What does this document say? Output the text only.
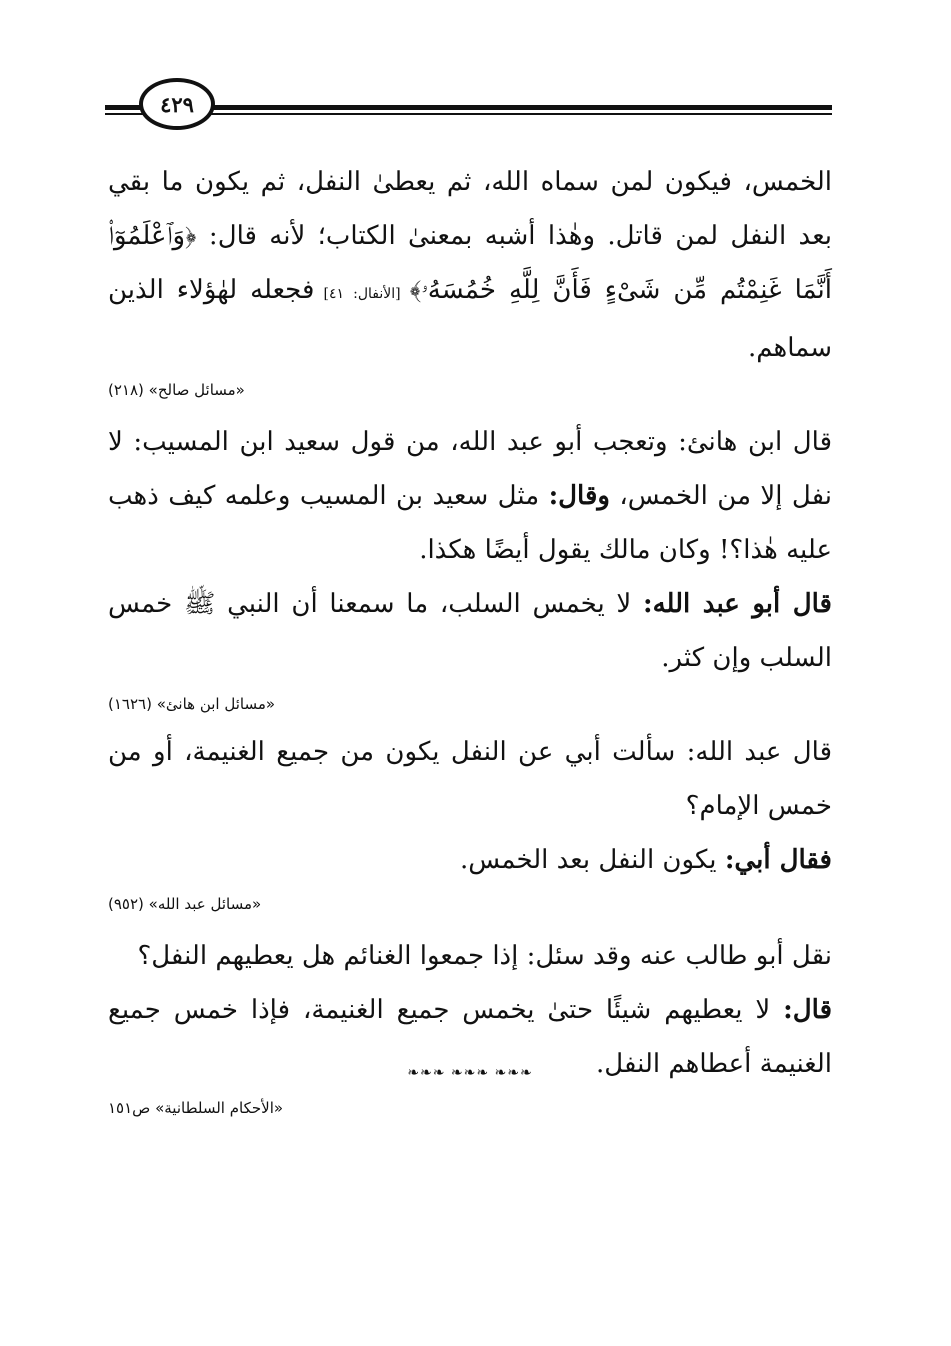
٤٢٩

الخمس، فيكون لمن سماه الله، ثم يعطىٰ النفل، ثم يكون ما بقي بعد النفل لمن قاتل. وهٰذا أشبه بمعنىٰ الكتاب؛ لأنه قال: ﴿وَٱعْلَمُوٓا۟ أَنَّمَا غَنِمْتُم مِّن شَىْءٍ فَأَنَّ لِلَّهِ خُمُسَهُۥ﴾ [الأنفال: ٤١] فجعله لهٰؤلاء الذين سماهم.

«مسائل صالح» (٢١٨)

قال ابن هانئ: وتعجب أبو عبد الله، من قول سعيد ابن المسيب: لا نفل إلا من الخمس، وقال: مثل سعيد بن المسيب وعلمه كيف ذهب عليه هٰذا؟! وكان مالك يقول أيضًا هكذا.

قال أبو عبد الله: لا يخمس السلب، ما سمعنا أن النبي ﷺ خمس السلب وإن كثر.

«مسائل ابن هانئ» (١٦٢٦)

قال عبد الله: سألت أبي عن النفل يكون من جميع الغنيمة، أو من خمس الإمام؟

فقال أبي: يكون النفل بعد الخمس.

«مسائل عبد الله» (٩٥٢)

نقل أبو طالب عنه وقد سئل: إذا جمعوا الغنائم هل يعطيهم النفل؟

قال: لا يعطيهم شيئًا حتىٰ يخمس جميع الغنيمة، فإذا خمس جميع الغنيمة أعطاهم النفل.

«الأحكام السلطانية» ص١٥١

❧❧❧ ❧❧❧ ❧❧❧
